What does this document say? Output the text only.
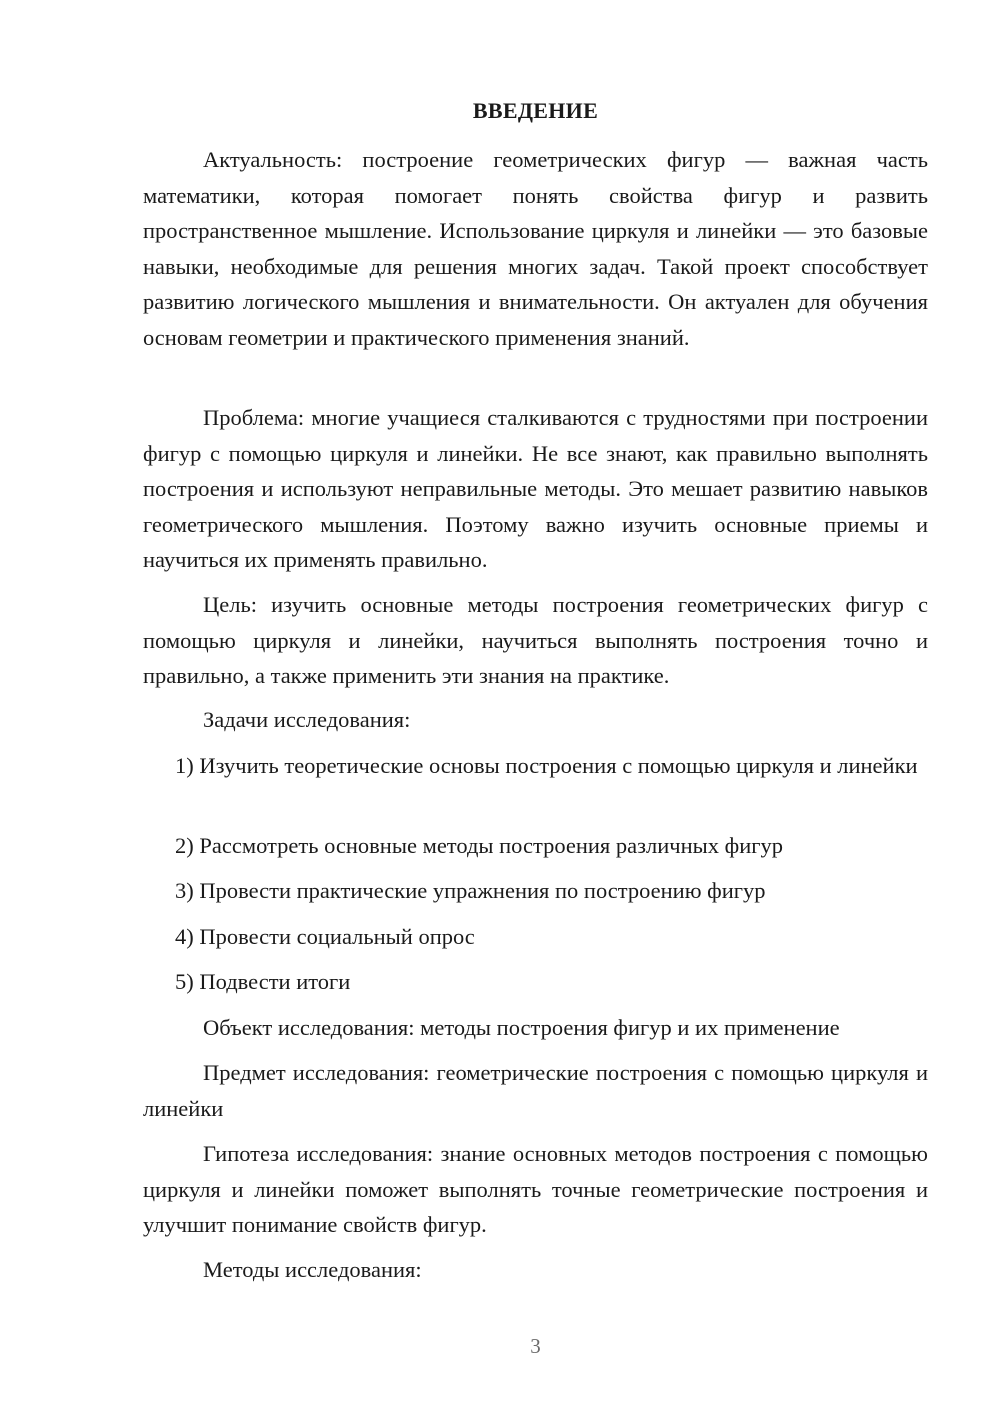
ВВЕДЕНИЕ

Актуальность: построение геометрических фигур — важная часть математики, которая помогает понять свойства фигур и развить пространственное мышление. Использование циркуля и линейки — это базовые навыки, необходимые для решения многих задач. Такой проект способствует развитию логического мышления и внимательности. Он актуален для обучения основам геометрии и практического применения знаний.

Проблема: многие учащиеся сталкиваются с трудностями при построении фигур с помощью циркуля и линейки. Не все знают, как правильно выполнять построения и используют неправильные методы. Это мешает развитию навыков геометрического мышления. Поэтому важно изучить основные приемы и научиться их применять правильно.

Цель: изучить основные методы построения геометрических фигур с помощью циркуля и линейки, научиться выполнять построения точно и правильно, а также применить эти знания на практике.

Задачи исследования:

1) Изучить теоретические основы построения с помощью циркуля и линейки

2) Рассмотреть основные методы построения различных фигур

3) Провести практические упражнения по построению фигур

4) Провести социальный опрос

5) Подвести итоги

Объект исследования: методы построения фигур и их применение

Предмет исследования: геометрические построения с помощью циркуля и линейки

Гипотеза исследования: знание основных методов построения с помощью циркуля и линейки поможет выполнять точные геометрические построения и улучшит понимание свойств фигур.

Методы исследования:

3
